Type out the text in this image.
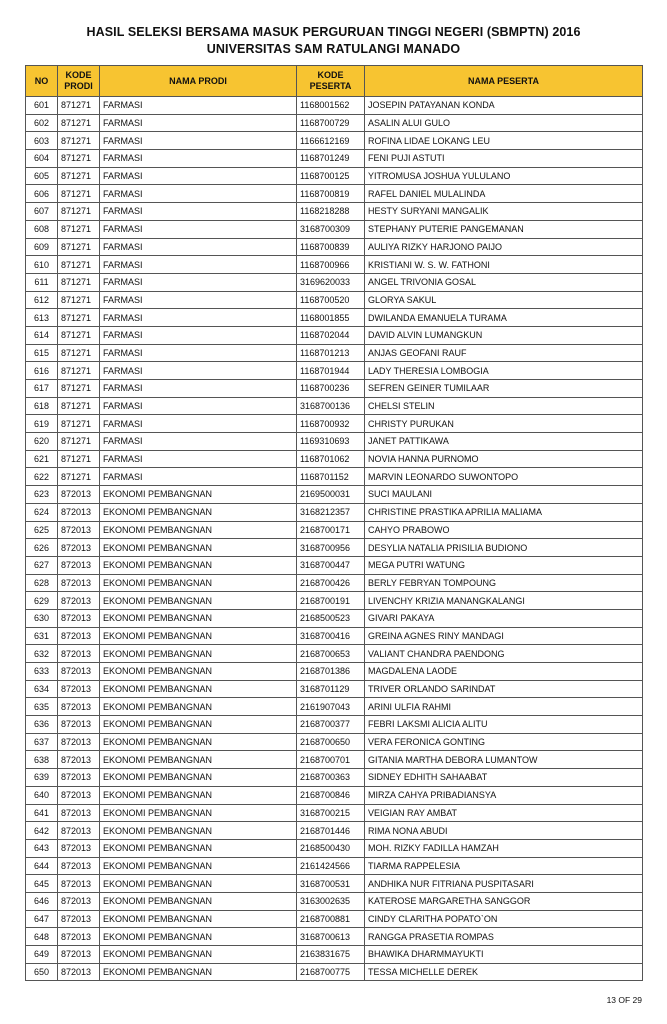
HASIL SELEKSI BERSAMA MASUK PERGURUAN TINGGI NEGERI (SBMPTN) 2016
UNIVERSITAS SAM RATULANGI MANADO
NO	KODE PRODI	NAMA PRODI	KODE PESERTA	NAMA PESERTA
601	871271	FARMASI	1168001562	JOSEPIN PATAYANAN KONDA
602	871271	FARMASI	1168700729	ASALIN ALUI GULO
603	871271	FARMASI	1166612169	ROFINA LIDAE LOKANG LEU
604	871271	FARMASI	1168701249	FENI PUJI ASTUTI
605	871271	FARMASI	1168700125	YITROMUSA JOSHUA YULULANO
606	871271	FARMASI	1168700819	RAFEL DANIEL MULALINDA
607	871271	FARMASI	1168218288	HESTY SURYANI MANGALIK
608	871271	FARMASI	3168700309	STEPHANY PUTERIE PANGEMANAN
609	871271	FARMASI	1168700839	AULIYA RIZKY HARJONO PAIJO
610	871271	FARMASI	1168700966	KRISTIANI W. S. W. FATHONI
611	871271	FARMASI	3169620033	ANGEL TRIVONIA GOSAL
612	871271	FARMASI	1168700520	GLORYA SAKUL
613	871271	FARMASI	1168001855	DWILANDA EMANUELA TURAMA
614	871271	FARMASI	1168702044	DAVID ALVIN LUMANGKUN
615	871271	FARMASI	1168701213	ANJAS GEOFANI RAUF
616	871271	FARMASI	1168701944	LADY THERESIA LOMBOGIA
617	871271	FARMASI	1168700236	SEFREN GEINER TUMILAAR
618	871271	FARMASI	3168700136	CHELSI STELIN
619	871271	FARMASI	1168700932	CHRISTY PURUKAN
620	871271	FARMASI	1169310693	JANET PATTIKAWA
621	871271	FARMASI	1168701062	NOVIA HANNA PURNOMO
622	871271	FARMASI	1168701152	MARVIN LEONARDO SUWONTOPO
623	872013	EKONOMI PEMBANGNAN	2169500031	SUCI MAULANI
624	872013	EKONOMI PEMBANGNAN	3168212357	CHRISTINE PRASTIKA APRILIA MALIAMA
625	872013	EKONOMI PEMBANGNAN	2168700171	CAHYO PRABOWO
626	872013	EKONOMI PEMBANGNAN	3168700956	DESYLIA NATALIA PRISILIA BUDIONO
627	872013	EKONOMI PEMBANGNAN	3168700447	MEGA PUTRI WATUNG
628	872013	EKONOMI PEMBANGNAN	2168700426	BERLY FEBRYAN TOMPOUNG
629	872013	EKONOMI PEMBANGNAN	2168700191	LIVENCHY KRIZIA MANANGKALANGI
630	872013	EKONOMI PEMBANGNAN	2168500523	GIVARI PAKAYA
631	872013	EKONOMI PEMBANGNAN	3168700416	GREINA AGNES RINY MANDAGI
632	872013	EKONOMI PEMBANGNAN	2168700653	VALIANT CHANDRA PAENDONG
633	872013	EKONOMI PEMBANGNAN	2168701386	MAGDALENA LAODE
634	872013	EKONOMI PEMBANGNAN	3168701129	TRIVER ORLANDO SARINDAT
635	872013	EKONOMI PEMBANGNAN	2161907043	ARINI ULFIA RAHMI
636	872013	EKONOMI PEMBANGNAN	2168700377	FEBRI LAKSMI ALICIA ALITU
637	872013	EKONOMI PEMBANGNAN	2168700650	VERA FERONICA GONTING
638	872013	EKONOMI PEMBANGNAN	2168700701	GITANIA MARTHA DEBORA LUMANTOW
639	872013	EKONOMI PEMBANGNAN	2168700363	SIDNEY EDHITH SAHAABAT
640	872013	EKONOMI PEMBANGNAN	2168700846	MIRZA CAHYA PRIBADIANSYA
641	872013	EKONOMI PEMBANGNAN	3168700215	VEIGIAN RAY AMBAT
642	872013	EKONOMI PEMBANGNAN	2168701446	RIMA NONA ABUDI
643	872013	EKONOMI PEMBANGNAN	2168500430	MOH. RIZKY FADILLA HAMZAH
644	872013	EKONOMI PEMBANGNAN	2161424566	TIARMA RAPPELESIA
645	872013	EKONOMI PEMBANGNAN	3168700531	ANDHIKA NUR FITRIANA PUSPITASARI
646	872013	EKONOMI PEMBANGNAN	3163002635	KATEROSE MARGARETHA SANGGOR
647	872013	EKONOMI PEMBANGNAN	2168700881	CINDY CLARITHA POPATO`ON
648	872013	EKONOMI PEMBANGNAN	3168700613	RANGGA PRASETIA ROMPAS
649	872013	EKONOMI PEMBANGNAN	2163831675	BHAWIKA DHARMMAYUKTI
650	872013	EKONOMI PEMBANGNAN	2168700775	TESSA MICHELLE DEREK
13 OF 29
